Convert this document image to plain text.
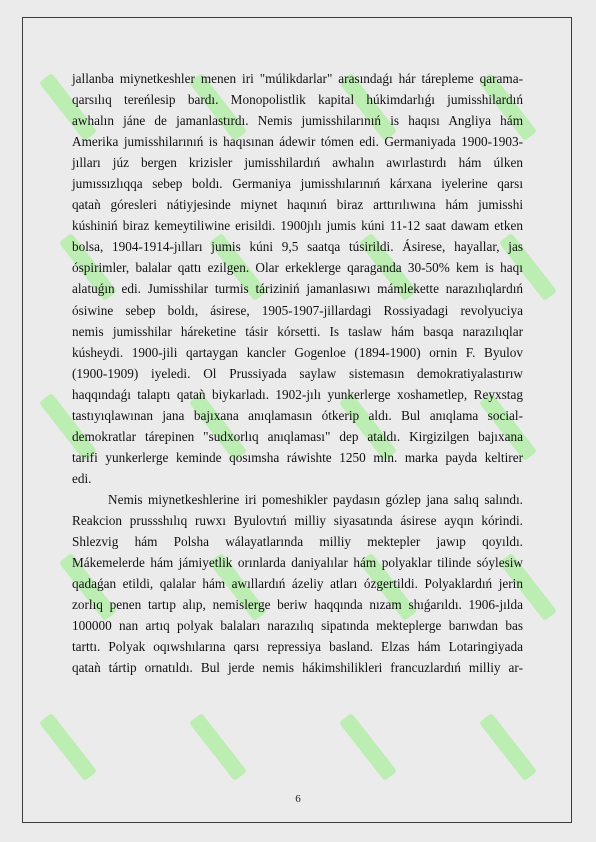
jallanba miynetkeshler menen iri "múlikdarlar" arasındaǵı hár tárepleme qarama-
qarsılıq tereńlesip bardı. Monopolistlik kapital húkimdarlıǵı jumisshilardıń
awhalın jáne de jamanlastırdı. Nemis jumisshilarınıń is haqısı Angliya hám
Amerika jumisshilarınıń is haqısınan ádewir tómen edi. Germaniyada 1900-1903-
jılları júz bergen krizisler jumisshilardıń awhalın awırlastırdı hám úlken
jumıssızlıqqa sebep boldı. Germaniya jumisshılarınıń kárxana iyelerine qarsı
qataǹ góresleri nátiyjesinde miynet haqınıń biraz arttırılıwına hám jumisshi
kúshiniń biraz kemeytiliwine erisildi. 1900jılı jumis kúni 11-12 saat dawam etken
bolsa, 1904-1914-jılları jumis kúni 9,5 saatqa túsirildi. Ásirese, hayallar, jas
óspirimler, balalar qattı ezilgen. Olar erkeklerge qaraganda 30-50% kem is haqı
alatuǵın edi. Jumisshilar turmis táriziniń jamanlasıwı mámlekette narazılıqlardıń
ósiwine sebep boldı, ásirese, 1905-1907-jillardagi Rossiyadagi revolyuciya
nemis jumisshilar háreketine tásir kórsetti. Is taslaw hám basqa narazılıqlar
kúsheydi. 1900-jili qartaygan kancler Gogenloe (1894-1900) ornin F. Byulov
(1900-1909) iyeledi. Ol Prussiyada saylaw sistemasın demokratiyalastırıw
haqqındaǵı talaptı qataǹ biykarladı. 1902-jılı yunkerlerge xoshametlep, Reyxstag
tastıyıqlawınan jana bajıxana anıqlamasın ótkerip aldı. Bul anıqlama social-
demokratlar tárepinen "sudxorlıq anıqlaması" dep ataldı. Kirgizilgen bajıxana
tarifi yunkerlerge keminde qosımsha ráwishte 1250 mln. marka payda keltirer
edi.
Nemis miynetkeshlerine iri pomeshikler paydasın gózlep jana salıq salındı.
Reakcion prussshılıq ruwxı Byulovtıń milliy siyasatında ásirese ayqın kórindi.
Shlezvig hám Polsha wálayatlarında milliy mektepler jawıp qoyıldı.
Mákemelerde hám jámiyetlik orınlarda daniyalılar hám polyaklar tilinde sóylesiw
qadaǵan etildi, qalalar hám awıllardıń ázeliy atları ózgertildi. Polyaklardıń jerin
zorlıq penen tartıp alıp, nemislerge beriw haqqında nızam shıǵarıldı. 1906-jılda
100000 nan artıq polyak balaları narazılıq sipatında mekteplerge barıwdan bas
tarttı. Polyak oqıwshılarına qarsı repressiya basland. Elzas hám Lotaringiyada
qataǹ tártip ornatıldı. Bul jerde nemis hákimshilikleri francuzlardıń milliy ar-
6
